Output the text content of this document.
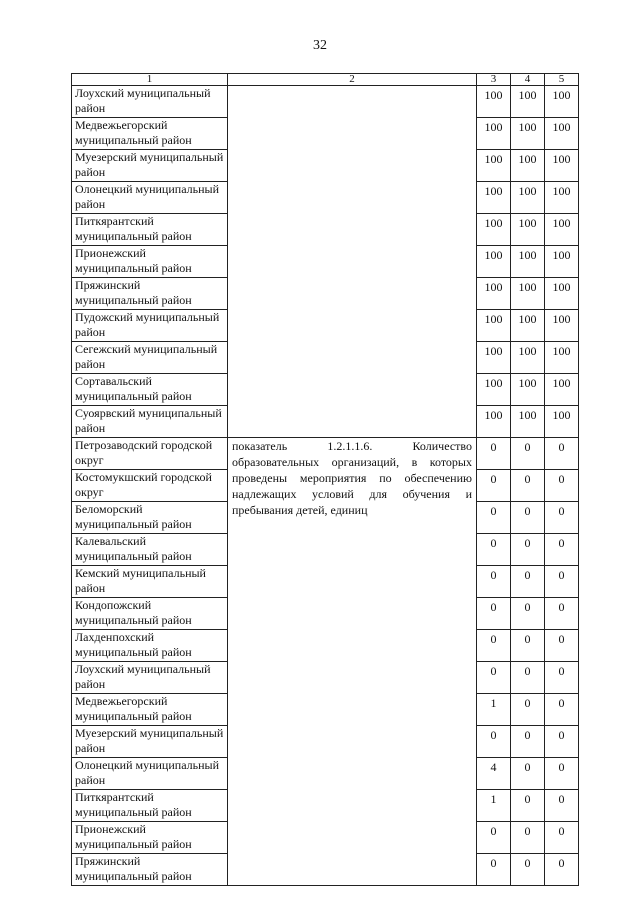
32
1	2	3	4	5
Лоухский муниципальный район		100	100	100
Медвежьегорский муниципальный район		100	100	100
Муезерский муниципальный район		100	100	100
Олонецкий муниципальный район		100	100	100
Питкярантский муниципальный район		100	100	100
Прионежский муниципальный район		100	100	100
Пряжинский муниципальный район		100	100	100
Пудожский муниципальный район		100	100	100
Сегежский муниципальный район		100	100	100
Сортавальский муниципальный район		100	100	100
Суоярвский муниципальный район		100	100	100
Петрозаводский городской округ	показатель 1.2.1.1.6. Количество образовательных организаций, в которых проведены мероприятия по обеспечению надлежащих условий для обучения и пребывания детей, единиц	0	0	0
Костомукшский городской округ		0	0	0
Беломорский муниципальный район		0	0	0
Калевальский муниципальный район		0	0	0
Кемский муниципальный район		0	0	0
Кондопожский муниципальный район		0	0	0
Лахденпохский муниципальный район		0	0	0
Лоухский муниципальный район		0	0	0
Медвежьегорский муниципальный район		1	0	0
Муезерский муниципальный район		0	0	0
Олонецкий муниципальный район		4	0	0
Питкярантский муниципальный район		1	0	0
Прионежский муниципальный район		0	0	0
Пряжинский муниципальный район		0	0	0
